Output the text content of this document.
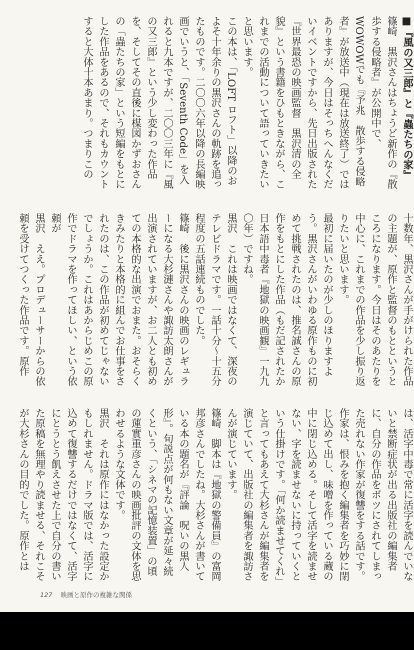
■『風の又三郎』と『蟲たちの家』

篠崎　黒沢さんはちょうど新作の『散歩する侵略者』が公開中で、WOWOWでも『予兆　散歩する侵略者』が放送中（現在は放送終了）ではありますが、今日はそっちへんなくだいイベントですから、先日出版された『世界最恐の映画監督　黒沢清の全貌』という書籍をひもときながら、これまでの活動について語っていきたいと思います。

この本は、「LOFT ロフト」以降のおよそ十年余りの黒沢さんの軌跡を追ったものです。二〇〇六年以降の長編映画でいうと、「Seventh Code」を入れると九本ですが、二〇〇三年に『風の又三郎』という少し変わった作品を、そしてその直後に楳図かずおさんの「蟲たちの家」という短編をもとにした作品をあるので、それもカウントすると大体十本あまり。つまりこの

十数年、黒沢さんが手がけられた作品の主題が、原作と監督のもとというところになります。今日はそのあたりを中心に、これまでの作品を少し振り返りたいと思います。

最初に届いたのが少しのほりますよう。黒沢さんがいわゆる原作ものに初めて挑戦されたのは、推名誠さんの原作をもとにした作品（もだ記されたか日本語中毒者『地獄の映画観』一九九〇年）ですね。

黒沢　これは映画ではなくて、深夜のテレビドラマです。一話十分〜十五分程度の五話連続ものでした。

篠崎　後に黒沢さんの映画のレギュラーになる大杉漣さんや諏訪太朗さんが出演されていますが、お二人とも初めての本格的な出演でおまた。おそらくきみたりと本格的に組んでお仕事をされたのは、この作品が初めてじゃないでしょうか。これはあからじめこの原作でドラマを作ってほしい、という依頼が

黒沢　ええ。プロデューサーからの依頼を受けてつくった作品です。原作

は、活字中毒で常に活字を読んでいないと禁断症状が出る出版社の編集者に、自分の作品をボツにされてしまった売れない作家が復讐をする話です。作家は、恨みを抱く編集者を巧妙に閉じ込めて出し、味噌を作っている蔵の中に閉じ込める。そして活字を読ませない、字を読ませないに持っていくという仕掛けです。「何か読ませてくれ」と言ってもあえて大杉さんが編集者を演じていて、出版社の編集者を諏訪さんが演じています。

篠崎　脚本は『地獄の警備員』の富岡邦彦さんでしたね。大杉さんが書いている本の題名が『評論　呪いの黒人形』。旬説点が何もない文章が延々続くという、「シネマの記憶装置」の頃の蓮實重彦さんの映画批評の文体を思わせるような文体です。

黒沢　それは原作にはなかった設定かもしれません。ドラマ版では、活字に込めて復讐するだけではなくて、活字にとうとう飢えさせた上で自分の書いた原稿を無理やり読ませる、それこそが大杉さんの目的でした。原作とは

127 映画と原作の複雑な関係
